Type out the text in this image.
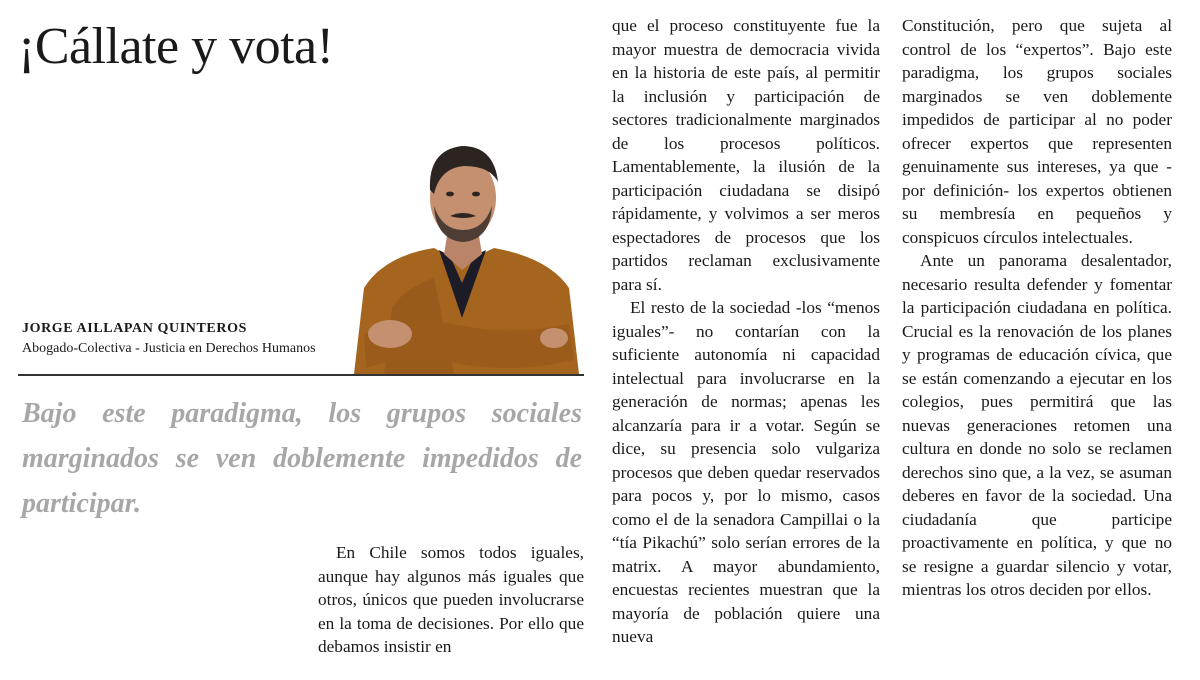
¡Cállate y vota!

JORGE AILLAPAN QUINTEROS

Abogado-Colectiva - Justicia en Derechos Humanos

Bajo este paradigma, los grupos sociales marginados se ven doblemente impedidos de participar.

En Chile somos todos iguales, aunque hay algunos más iguales que otros, únicos que pueden involucrarse en la toma de decisiones. Por ello que debamos insistir en

que el proceso constituyente fue la mayor muestra de democracia vivida en la historia de este país, al permitir la inclusión y participación de sectores tradicionalmente marginados de los procesos políticos. Lamentablemente, la ilusión de la participación ciudadana se disipó rápidamente, y volvimos a ser meros espectadores de procesos que los partidos reclaman exclusivamente para sí.

El resto de la sociedad -los “menos iguales”- no contarían con la suficiente autonomía ni capacidad intelectual para involucrarse en la generación de normas; apenas les alcanzaría para ir a votar. Según se dice, su presencia solo vulgariza procesos que deben quedar reservados para pocos y, por lo mismo, casos como el de la senadora Campillai o la “tía Pikachú” solo serían errores de la matrix. A mayor abundamiento, encuestas recientes muestran que la mayoría de población quiere una nueva

Constitución, pero que sujeta al control de los “expertos”. Bajo este paradigma, los grupos sociales marginados se ven doblemente impedidos de participar al no poder ofrecer expertos que representen genuinamente sus intereses, ya que -por definición- los expertos obtienen su membresía en pequeños y conspicuos círculos intelectuales.

Ante un panorama desalentador, necesario resulta defender y fomentar la participación ciudadana en política. Crucial es la renovación de los planes y programas de educación cívica, que se están comenzando a ejecutar en los colegios, pues permitirá que las nuevas generaciones retomen una cultura en donde no solo se reclamen derechos sino que, a la vez, se asuman deberes en favor de la sociedad. Una ciudadanía que participe proactivamente en política, y que no se resigne a guardar silencio y votar, mientras los otros deciden por ellos.
